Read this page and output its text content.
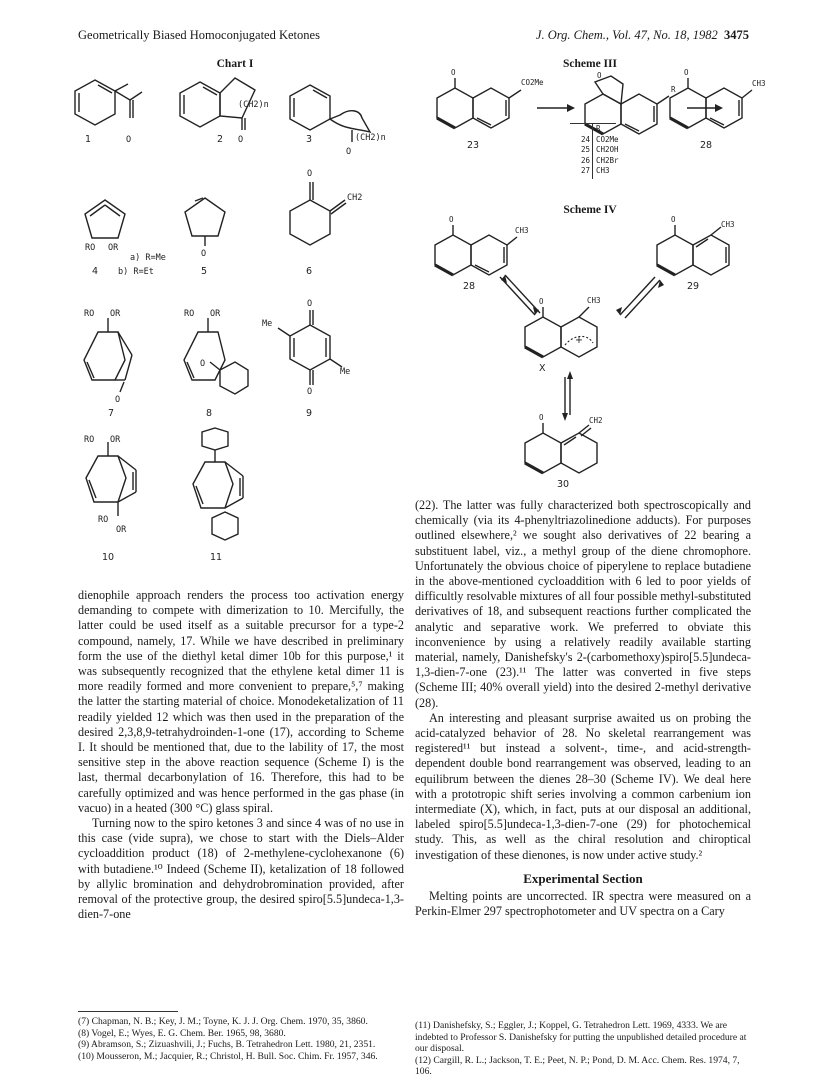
Geometrically Biased Homoconjugated Ketones	J. Org. Chem., Vol. 47, No. 18, 1982 3475
Chart I
1	O
(CH2)n
2 O	(CH2)n
3
O
RO OR
a) R=Me
4 b) R=Et
O
5
O
CH2
6
RO OR
O
7
RO OR
O
8
O
O
Me
Me
9
RO OR
RO
OR
10	11
Scheme III
O
CO2Me
23
O
R
O
CH3
28
R
24 CO2Me
25 CH2OH
26 CH2Br
27 CH3
Scheme IV
O
CH3
28
O
CH3
29
O	CH3
+
X
O	CH2
30

dienophile approach renders the process too activation energy demanding to compete with dimerization to 10. Mercifully, the latter could be used itself as a suitable precursor for a type-2 compound, namely, 17. While we have described in preliminary form the use of the diethyl ketal dimer 10b for this purpose,¹ it was subsequently recognized that the ethylene ketal dimer 11 is more readily formed and more convenient to prepare,⁵,⁷ making the latter the starting material of choice. Monodeketalization of 11 readily yielded 12 which was then used in the preparation of the desired 2,3,8,9-tetrahydroinden-1-one (17), according to Scheme I. It should be mentioned that, due to the lability of 17, the most sensitive step in the above reaction sequence (Scheme I) is the last, thermal decarbonylation of 16. Therefore, this had to be carefully optimized and was hence performed in the gas phase (in vacuo) in a heated (300 °C) glass spiral.

Turning now to the spiro ketones 3 and since 4 was of no use in this case (vide supra), we chose to start with the Diels–Alder cycloaddition product (18) of 2-methylene-cyclohexanone (6) with butadiene.¹⁰ Indeed (Scheme II), ketalization of 18 followed by allylic bromination and dehydrobromination provided, after removal of the protective group, the desired spiro[5.5]undeca-1,3-dien-7-one

(7) Chapman, N. B.; Key, J. M.; Toyne, K. J. J. Org. Chem. 1970, 35, 3860.

(8) Vogel, E.; Wyes, E. G. Chem. Ber. 1965, 98, 3680.

(9) Abramson, S.; Zizuashvili, J.; Fuchs, B. Tetrahedron Lett. 1980, 21, 2351.

(10) Mousseron, M.; Jacquier, R.; Christol, H. Bull. Soc. Chim. Fr. 1957, 346.

(22). The latter was fully characterized both spectroscopically and chemically (via its 4-phenyltriazolinedione adducts). For purposes outlined elsewhere,² we sought also derivatives of 22 bearing a substituent label, viz., a methyl group of the diene chromophore. Unfortunately the obvious choice of piperylene to replace butadiene in the above-mentioned cycloaddition with 6 led to poor yields of difficultly resolvable mixtures of all four possible methyl-substituted derivatives of 18, and subsequent reactions further complicated the analytic and separative work. We preferred to obviate this inconvenience by using a relatively readily available starting material, namely, Danishefsky's 2-(carbomethoxy)spiro[5.5]undeca-1,3-dien-7-one (23).¹¹ The latter was converted in five steps (Scheme III; 40% overall yield) into the desired 2-methyl derivative (28).

An interesting and pleasant surprise awaited us on probing the acid-catalyzed behavior of 28. No skeletal rearrangement was registered¹¹ but instead a solvent-, time-, and acid-strength-dependent double bond rearrangement was observed, leading to an equilibrum between the dienes 28–30 (Scheme IV). We deal here with a prototropic shift series involving a common carbenium ion intermediate (X), which, in fact, puts at our disposal an additional, labeled spiro[5.5]undeca-1,3-dien-7-one (29) for photochemical study. This, as well as the chiral resolution and chiroptical investigation of these dienones, is now under active study.²

Experimental Section

Melting points are uncorrected. IR spectra were measured on a Perkin-Elmer 297 spectrophotometer and UV spectra on a Cary

(11) Danishefsky, S.; Eggler, J.; Koppel, G. Tetrahedron Lett. 1969, 4333. We are indebted to Professor S. Danishefsky for putting the unpublished detailed procedure at our disposal.

(12) Cargill, R. L.; Jackson, T. E.; Peet, N. P.; Pond, D. M. Acc. Chem. Res. 1974, 7, 106.
